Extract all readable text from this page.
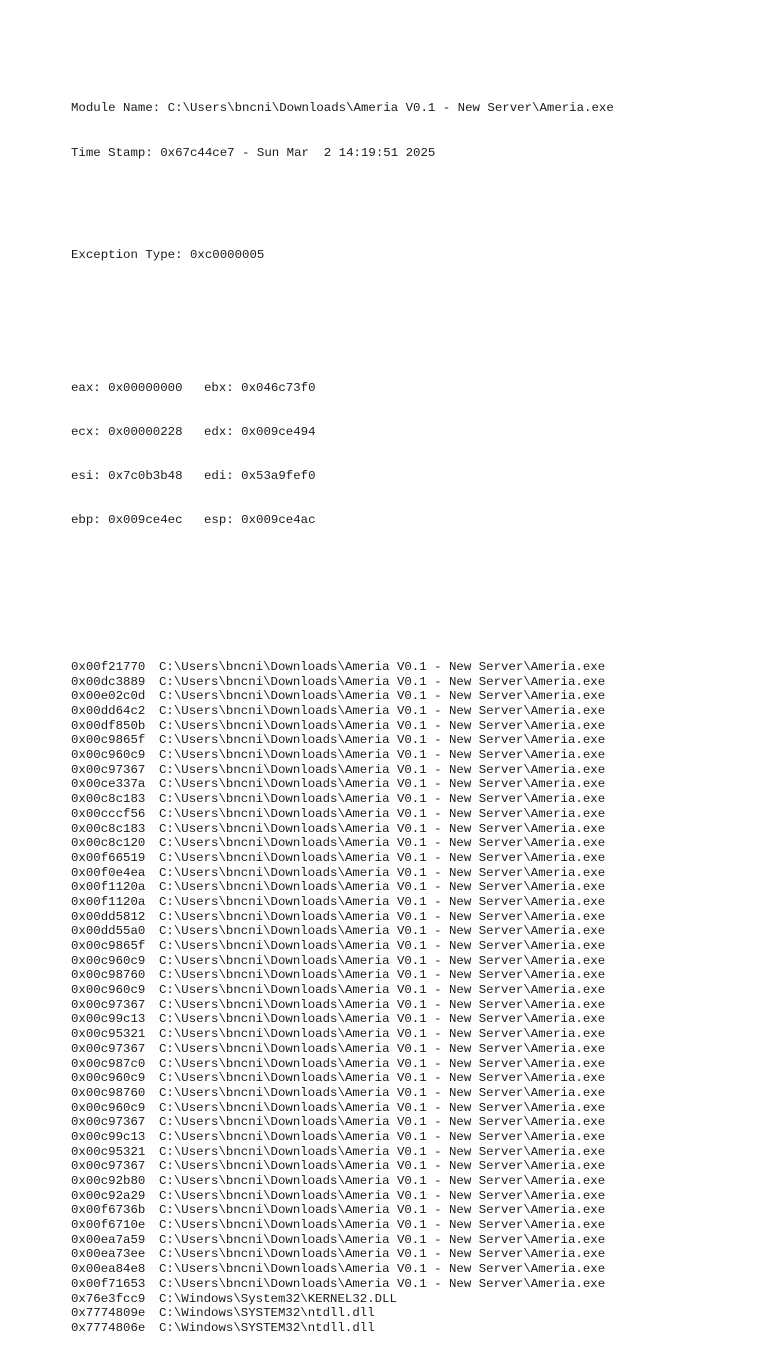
Module Name: C:\Users\bncni\Downloads\Ameria V0.1 - New Server\Ameria.exe

Time Stamp: 0x67c44ce7 - Sun Mar  2 14:19:51 2025

Exception Type: 0xc0000005

eax: 0x00000000 ebx: 0x046c73f0

ecx: 0x00000228 edx: 0x009ce494

esi: 0x7c0b3b48 edi: 0x53a9fef0

ebp: 0x009ce4ec esp: 0x009ce4ac

0x00f21770 C:\Users\bncni\Downloads\Ameria V0.1 - New Server\Ameria.exe
0x00dc3889 C:\Users\bncni\Downloads\Ameria V0.1 - New Server\Ameria.exe
0x00e02c0d C:\Users\bncni\Downloads\Ameria V0.1 - New Server\Ameria.exe
0x00dd64c2 C:\Users\bncni\Downloads\Ameria V0.1 - New Server\Ameria.exe
0x00df850b C:\Users\bncni\Downloads\Ameria V0.1 - New Server\Ameria.exe
0x00c9865f C:\Users\bncni\Downloads\Ameria V0.1 - New Server\Ameria.exe
0x00c960c9 C:\Users\bncni\Downloads\Ameria V0.1 - New Server\Ameria.exe
0x00c97367 C:\Users\bncni\Downloads\Ameria V0.1 - New Server\Ameria.exe
0x00ce337a C:\Users\bncni\Downloads\Ameria V0.1 - New Server\Ameria.exe
0x00c8c183 C:\Users\bncni\Downloads\Ameria V0.1 - New Server\Ameria.exe
0x00cccf56 C:\Users\bncni\Downloads\Ameria V0.1 - New Server\Ameria.exe
0x00c8c183 C:\Users\bncni\Downloads\Ameria V0.1 - New Server\Ameria.exe
0x00c8c120 C:\Users\bncni\Downloads\Ameria V0.1 - New Server\Ameria.exe
0x00f66519 C:\Users\bncni\Downloads\Ameria V0.1 - New Server\Ameria.exe
0x00f0e4ea C:\Users\bncni\Downloads\Ameria V0.1 - New Server\Ameria.exe
0x00f1120a C:\Users\bncni\Downloads\Ameria V0.1 - New Server\Ameria.exe
0x00f1120a C:\Users\bncni\Downloads\Ameria V0.1 - New Server\Ameria.exe
0x00dd5812 C:\Users\bncni\Downloads\Ameria V0.1 - New Server\Ameria.exe
0x00dd55a0 C:\Users\bncni\Downloads\Ameria V0.1 - New Server\Ameria.exe
0x00c9865f C:\Users\bncni\Downloads\Ameria V0.1 - New Server\Ameria.exe
0x00c960c9 C:\Users\bncni\Downloads\Ameria V0.1 - New Server\Ameria.exe
0x00c98760 C:\Users\bncni\Downloads\Ameria V0.1 - New Server\Ameria.exe
0x00c960c9 C:\Users\bncni\Downloads\Ameria V0.1 - New Server\Ameria.exe
0x00c97367 C:\Users\bncni\Downloads\Ameria V0.1 - New Server\Ameria.exe
0x00c99c13 C:\Users\bncni\Downloads\Ameria V0.1 - New Server\Ameria.exe
0x00c95321 C:\Users\bncni\Downloads\Ameria V0.1 - New Server\Ameria.exe
0x00c97367 C:\Users\bncni\Downloads\Ameria V0.1 - New Server\Ameria.exe
0x00c987c0 C:\Users\bncni\Downloads\Ameria V0.1 - New Server\Ameria.exe
0x00c960c9 C:\Users\bncni\Downloads\Ameria V0.1 - New Server\Ameria.exe
0x00c98760 C:\Users\bncni\Downloads\Ameria V0.1 - New Server\Ameria.exe
0x00c960c9 C:\Users\bncni\Downloads\Ameria V0.1 - New Server\Ameria.exe
0x00c97367 C:\Users\bncni\Downloads\Ameria V0.1 - New Server\Ameria.exe
0x00c99c13 C:\Users\bncni\Downloads\Ameria V0.1 - New Server\Ameria.exe
0x00c95321 C:\Users\bncni\Downloads\Ameria V0.1 - New Server\Ameria.exe
0x00c97367 C:\Users\bncni\Downloads\Ameria V0.1 - New Server\Ameria.exe
0x00c92b80 C:\Users\bncni\Downloads\Ameria V0.1 - New Server\Ameria.exe
0x00c92a29 C:\Users\bncni\Downloads\Ameria V0.1 - New Server\Ameria.exe
0x00f6736b C:\Users\bncni\Downloads\Ameria V0.1 - New Server\Ameria.exe
0x00f6710e C:\Users\bncni\Downloads\Ameria V0.1 - New Server\Ameria.exe
0x00ea7a59 C:\Users\bncni\Downloads\Ameria V0.1 - New Server\Ameria.exe
0x00ea73ee C:\Users\bncni\Downloads\Ameria V0.1 - New Server\Ameria.exe
0x00ea84e8 C:\Users\bncni\Downloads\Ameria V0.1 - New Server\Ameria.exe
0x00f71653 C:\Users\bncni\Downloads\Ameria V0.1 - New Server\Ameria.exe
0x76e3fcc9 C:\Windows\System32\KERNEL32.DLL
0x7774809e C:\Windows\SYSTEM32\ntdll.dll
0x7774806e C:\Windows\SYSTEM32\ntdll.dll
